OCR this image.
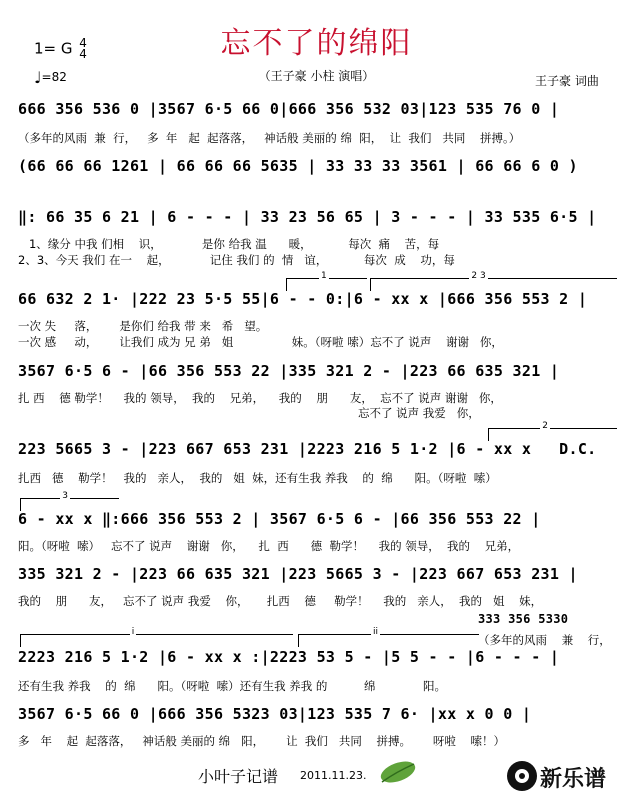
忘不了的绵阳
1= G 4
4
♩=82	（王子豪 小柱 演唱）	王子豪 词曲
666 356 536 0 |3567 6·5 66 0|666 356 532 03|123 535 76 0 |
（多年的风雨  兼  行，   多  年   起  起落落，   神话般 美丽的 绵  阳，  让  我们   共同    拼搏。）
(66 66 66 1261 | 66 66 66 5635 | 33 33 33 3561 | 66 66 6 0 )
‖: 66 35 6 21 | 6 - - - | 33 23 56 65 | 3 - - - | 33 535 6·5 |
1、缘分 中我 们相    识，           是你 给我 温      暖，          每次  痛    苦，每
2、3、今天 我们 在一    起，           记住 我们 的  情   谊，          每次  成    功，每
1	2 3
66 632 2 1· |222 23 5·5 55|6 - - 0:|6 - xx x |666 356 553 2 |
一次 失     落，      是你们 给我 带 来   希   望。
一次 感     动，      让我们 成为 兄 弟   姐                妹。（呀啦 嗦）忘不了 说声    谢谢   你，
3567 6·5 6 - |66 356 553 22 |335 321 2 - |223 66 635 321 |
扎 西    德 勒学！    我的 领导，  我的    兄弟，    我的    朋      友，  忘不了 说声 谢谢   你，
忘不了 说声 我爱   你，
2
223 5665 3 - |223 667 653 231 |2223 216 5 1·2 |6 - xx x   D.C.
扎西   德    勒学！   我的   亲人，  我的   姐  妹，还有生我 养我    的  绵      阳。（呀啦  嗦）
3
6 - xx x ‖:666 356 553 2 | 3567 6·5 6 - |66 356 553 22 |
阳。（呀啦  嗦）   忘不了 说声    谢谢   你，    扎  西      德  勒学！    我的 领导，  我的    兄弟，
335 321 2 - |223 66 635 321 |223 5665 3 - |223 667 653 231 |
我的    朋      友，   忘不了 说声 我爱    你，     扎西    德     勒学！    我的   亲人，  我的   姐    妹，
333 356 5330
（多年的风雨    兼    行，
i	ii
2223 216 5 1·2 |6 - xx x :|2223 53 5 - |5 5 - - |6 - - - |
还有生我 养我    的  绵      阳。（呀啦  嗦）还有生我 养我 的          绵             阳。
3567 6·5 66 0 |666 356 5323 03|123 535 7 6· |xx x 0 0 |
多   年    起  起落落，   神话般 美丽的 绵   阳，      让  我们   共同    拼搏。      呀啦    嗦！）
小叶子记谱 2011.11.23.	新乐谱
